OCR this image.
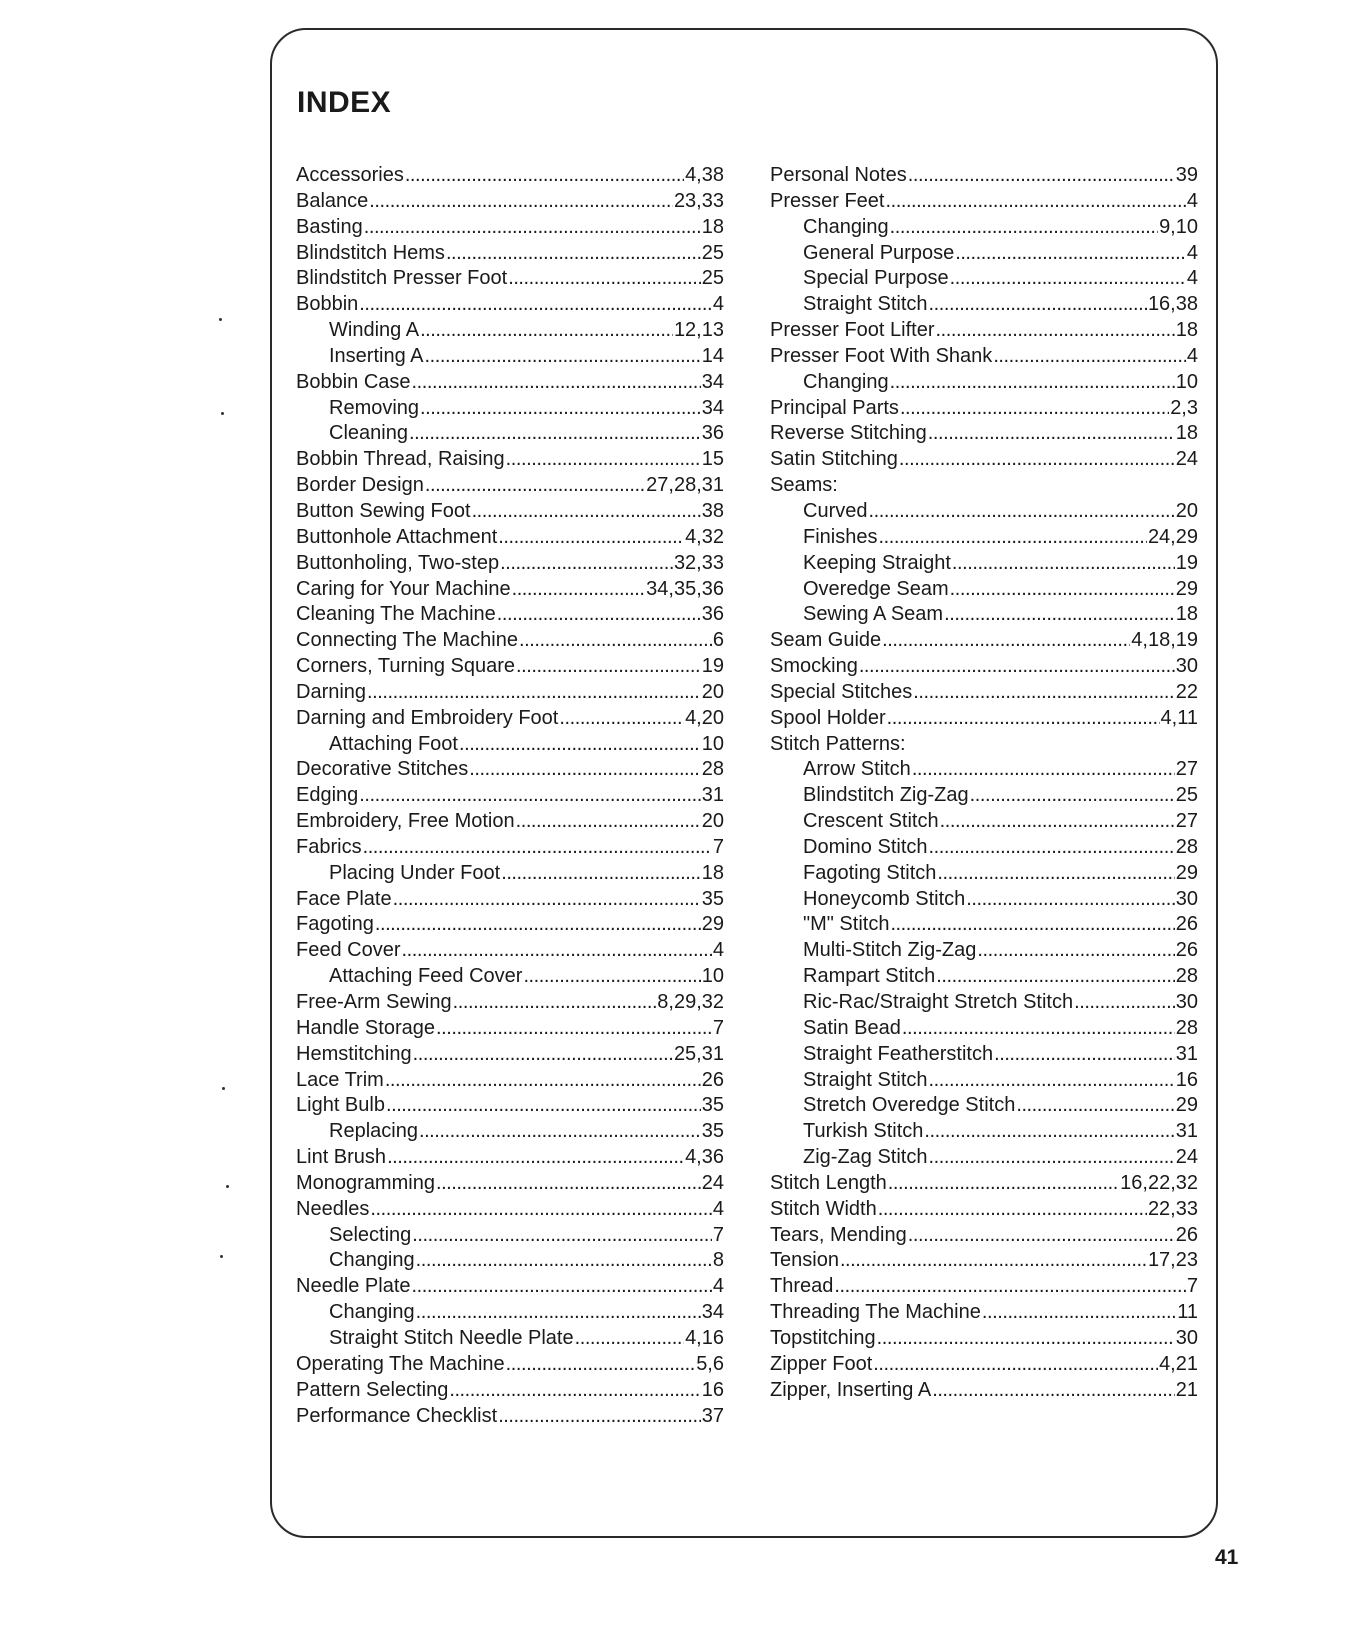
INDEX
Accessories . . .	4,38
Balance . . .	23,33
Basting . . .	18
Blindstitch Hems . . .	25
Blindstitch Presser Foot . . .	25
Bobbin . . .	4
Winding A . . .	12,13
Inserting A . . .	14
Bobbin Case . . .	34
Removing . . .	34
Cleaning . . .	36
Bobbin Thread, Raising . . .	15
Border Design . . .	27,28,31
Button Sewing Foot . . .	38
Buttonhole Attachment . . .	4,32
Buttonholing, Two-step . . .	32,33
Caring for Your Machine . . .	34,35,36
Cleaning The Machine . . .	36
Connecting The Machine . . .	6
Corners, Turning Square . . .	19
Darning . . .	20
Darning and Embroidery Foot . . .	4,20
Attaching Foot . . .	10
Decorative Stitches . . .	28
Edging . . .	31
Embroidery, Free Motion . . .	20
Fabrics . . .	7
Placing Under Foot . . .	18
Face Plate . . .	35
Fagoting . . .	29
Feed Cover . . .	4
Attaching Feed Cover . . .	10
Free-Arm Sewing . . .	8,29,32
Handle Storage . . .	7
Hemstitching . . .	25,31
Lace Trim . . .	26
Light Bulb . . .	35
Replacing . . .	35
Lint Brush . . .	4,36
Monogramming . . .	24
Needles . . .	4
Selecting . . .	7
Changing . . .	8
Needle Plate . . .	4
Changing . . .	34
Straight Stitch Needle Plate . . .	4,16
Operating The Machine . . .	5,6
Pattern Selecting . . .	16
Performance Checklist . . .	37
Personal Notes . . .	39
Presser Feet . . .	4
Changing . . .	9,10
General Purpose . . .	4
Special Purpose . . .	4
Straight Stitch . . .	16,38
Presser Foot Lifter . . .	18
Presser Foot With Shank . . .	4
Changing . . .	10
Principal Parts . . .	2,3
Reverse Stitching . . .	18
Satin Stitching . . .	24
Seams:
Curved . . .	20
Finishes . . .	24,29
Keeping Straight . . .	19
Overedge Seam . . .	29
Sewing A Seam . . .	18
Seam Guide . . .	4,18,19
Smocking . . .	30
Special Stitches . . .	22
Spool Holder . . .	4,11
Stitch Patterns:
Arrow Stitch . . .	27
Blindstitch Zig-Zag . . .	25
Crescent Stitch . . .	27
Domino Stitch . . .	28
Fagoting Stitch . . .	29
Honeycomb Stitch . . .	30
"M" Stitch . . .	26
Multi-Stitch Zig-Zag . . .	26
Rampart Stitch . . .	28
Ric-Rac/Straight Stretch Stitch . . .	30
Satin Bead . . .	28
Straight Featherstitch . . .	31
Straight Stitch . . .	16
Stretch Overedge Stitch . . .	29
Turkish Stitch . . .	31
Zig-Zag Stitch . . .	24
Stitch Length . . .	16,22,32
Stitch Width . . .	22,33
Tears, Mending . . .	26
Tension . . .	17,23
Thread . . .	7
Threading The Machine . . .	11
Topstitching . . .	30
Zipper Foot . . .	4,21
Zipper, Inserting A . . .	21
41
